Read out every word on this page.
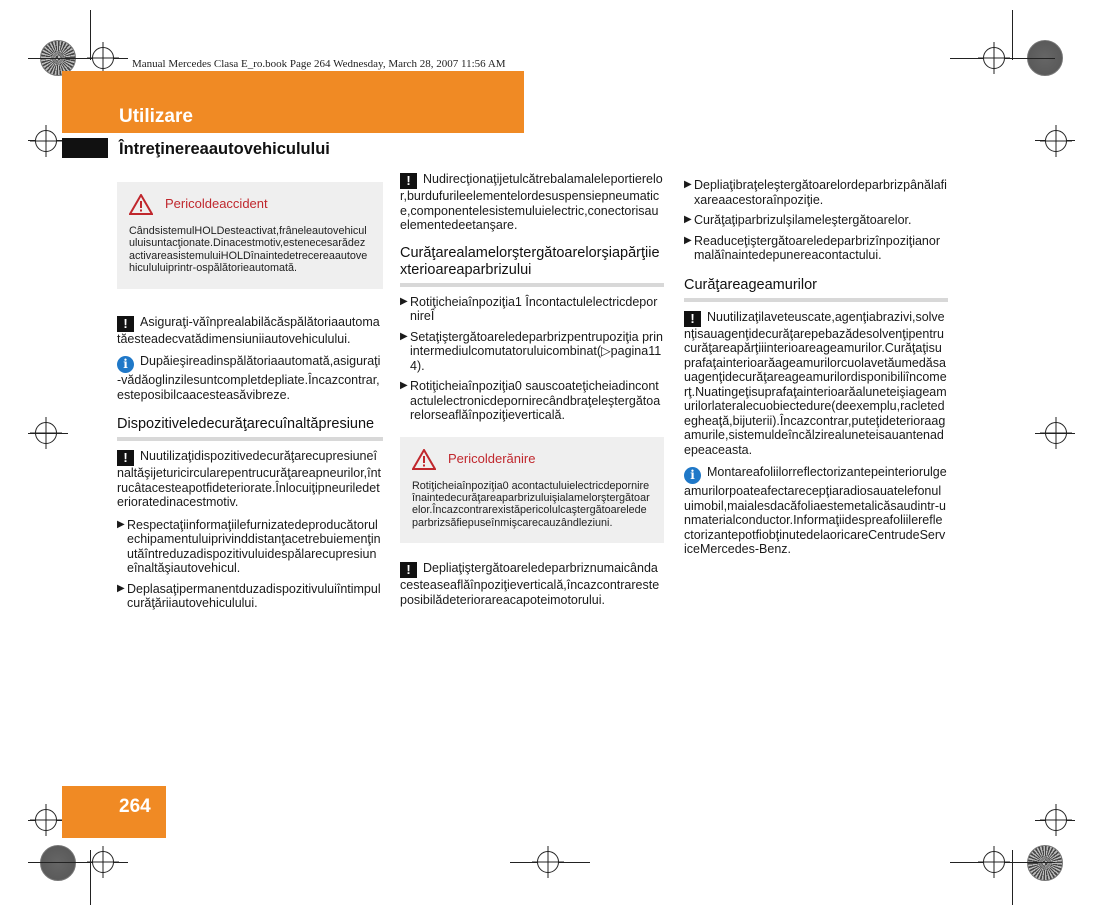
Manual Mercedes Clasa E_ro.book Page 264 Wednesday, March 28, 2007 11:56 AM
Utilizare
Întreţinereaautovehiculului
264
Pericoldeaccident
CândsistemulHOLDesteactivat,frâneleautovehicululuisuntacţionate.Dinacestmotiv,estenecesarădezactivareasistemuluiHOLDînaintedetrecereaautovehicululuiprintr-ospălătorieautomată.

! Asiguraţi-văînprealabilăcăspălătoriaautomatăesteadecvatădimensiuniiautovehiculului.

i Dupăieşireadinspălătoriaautomată,asiguraţi-vădăoglinzilesuntcompletdepliate.Încazcontrar,esteposibilcaacesteasăvibreze.

Dispozitiveledecurăţarecuînaltăpresiune

! Nuutilizaţidispozitivedecurăţarecupresiuneînaltăşijeturicircularepentrucurăţareapneurilor,întrucâtacesteapotfideteriorate.Înlocuiţipneuriledeterioratedinacestmotiv.

▶ Respectaţiinformaţiilefurnizatedeproducătorulechipamentuluiprivinddistanţacetrebuiemenţinutăîntreduzadispozitivuluidespălarecupresiuneînaltăşiautovehicul.
▶ Deplasaţipermanentduzadispozitivuluiîntimpulcurăţăriiautovehiculului.

! Nudirecţionaţijetulcătrebalamaleleportierelor,burdufurileelementelordesuspensiepneumatice,componentelesistemuluielectric,conectorisauelementedeetanşare.

Curăţarealamelorştergătoarelorşiapărţiiexterioareaparbrizului
▶ Rotiţicheiaînpoziţia1 ÎncontactulelectricdepornireÎ
▶ Setaţiştergătoareledeparbrizpentrupoziţia prinintermediulcomutatoruluicombinat(▷pagina114).
▶ Rotiţicheiaînpoziţia0 sauscoateţicheiadincontactulelectronicdepornirecândbraţeleştergătoarelorseaflăînpoziţieverticală.
Pericolderănire
Rotiţicheiaînpoziţia0 acontactuluielectricdepornireînaintedecurăţareaparbrizuluişialamelorştergătoarelor.Încazcontrarexistăpericolulcaştergătoareledeparbrizsăfiepuseînmişcarecauzândleziuni.

! Depliaţiştergătoareledeparbriznumaicândacesteaseaflăînpoziţieverticală,încazcontraresteposibilădeteriorareacapoteimotorului.

▶ Depliaţibraţeleştergătoarelordeparbrizpânălafixareaacestoraînpoziţie.
▶ Curăţaţiparbrizulşilameleştergătoarelor.
▶ Readuceţiştergătoareledeparbrizînpoziţianormalăînaintedepunereacontactului.
Curăţareageamurilor

! Nuutilizaţilaveteuscate,agenţiabrazivi,solvenţisauagenţidecurăţarepebazădesolvenţipentrucurăţareapărţiiinterioareageamurilor.Curăţaţisuprafaţainterioarăageamurilorcuolavetăumedăsauagenţidecurăţareageamurilordisponibiliîncomerţ.Nuatingeţisuprafaţainterioarăaluneteişiageamurilorlateralecuobiectedure(deexemplu,racletedegheaţă,bijuterii).Încazcontrar,puteţideterioraagamurile,sistemuldeîncălzirealuneteisauantenadepeaceasta.

i Montareafoliilorreflectorizantepeinteriorulgeamurilorpoateafectarecepţiaradiosauatelefonuluimobil,maialesdacăfoliaestemetalicăsaudintr-unmaterialconductor.InformaţiidespreafoliilereflectorizantepotfiobţinutedelaoricareCentrudeServiceMercedes-Benz.
